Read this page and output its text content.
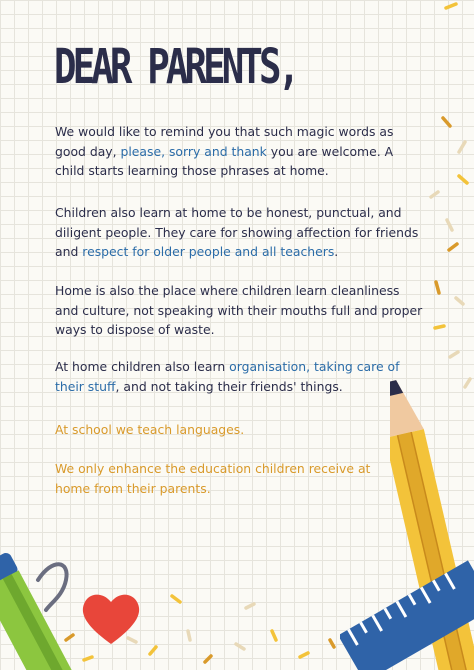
DEAR PARENTS,

We would like to remind you that such magic words as good day, please, sorry and thank you are welcome. A child starts learning those phrases at home.

Children also learn at home to be honest, punctual, and diligent people. They care for showing affection for friends and respect for older people and all teachers.

Home is also the place where children learn cleanliness and culture, not speaking with their mouths full and proper ways to dispose of waste.

At home children also learn organisation, taking care of their stuff, and not taking their friends' things.

At school we teach languages.

We only enhance the education children receive at home from their parents.
